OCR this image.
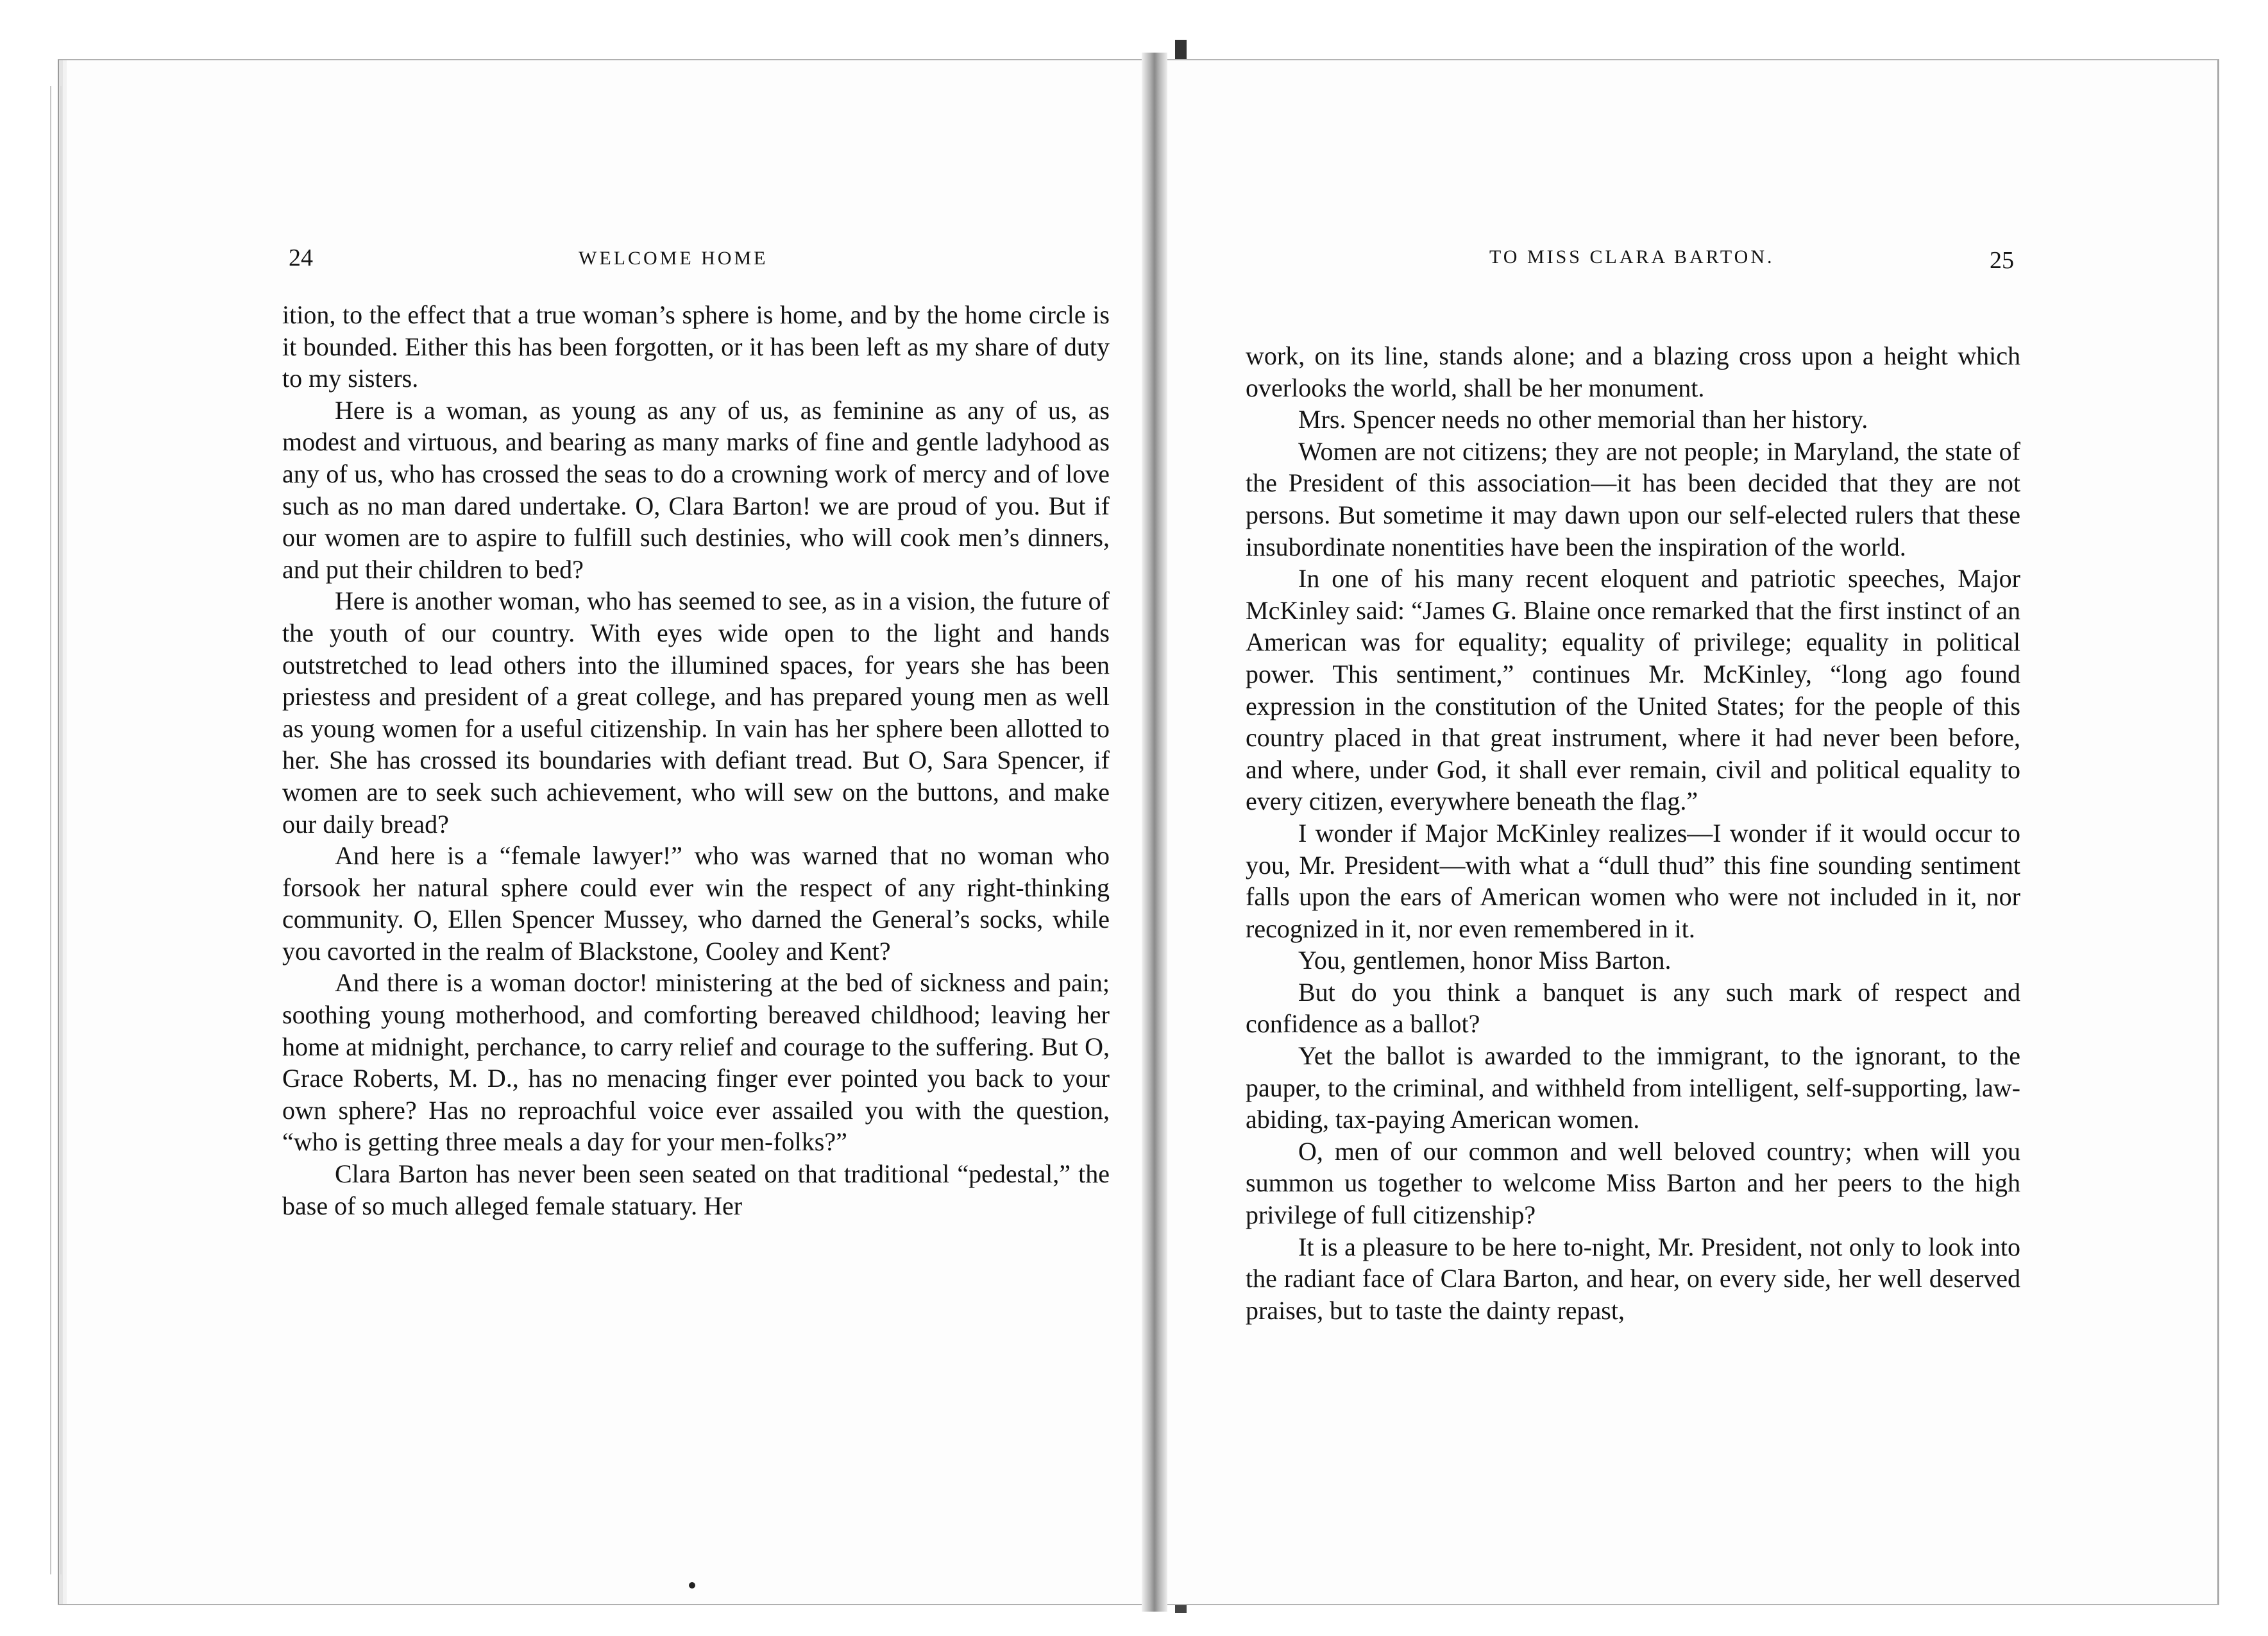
24	WELCOME HOME

ition, to the effect that a true woman’s sphere is home, and by the home circle is it bounded. Either this has been forgotten, or it has been left as my share of duty to my sisters.

Here is a woman, as young as any of us, as feminine as any of us, as modest and virtuous, and bearing as many marks of fine and gentle ladyhood as any of us, who has crossed the seas to do a crowning work of mercy and of love such as no man dared undertake. O, Clara Barton! we are proud of you. But if our women are to aspire to fulfill such destinies, who will cook men’s dinners, and put their children to bed?

Here is another woman, who has seemed to see, as in a vision, the future of the youth of our country. With eyes wide open to the light and hands outstretched to lead others into the illumined spaces, for years she has been priestess and president of a great college, and has prepared young men as well as young women for a useful citizenship. In vain has her sphere been allotted to her. She has crossed its boundaries with defiant tread. But O, Sara Spencer, if women are to seek such achievement, who will sew on the buttons, and make our daily bread?

And here is a “female lawyer!” who was warned that no woman who forsook her natural sphere could ever win the respect of any right-thinking community. O, Ellen Spencer Mussey, who darned the General’s socks, while you cavorted in the realm of Blackstone, Cooley and Kent?

And there is a woman doctor! ministering at the bed of sickness and pain; soothing young motherhood, and comforting bereaved childhood; leaving her home at midnight, perchance, to carry relief and courage to the suffering. But O, Grace Roberts, M. D., has no menacing finger ever pointed you back to your own sphere? Has no reproachful voice ever assailed you with the question, “who is getting three meals a day for your men-folks?”

Clara Barton has never been seen seated on that traditional “pedestal,” the base of so much alleged female statuary. Her

TO MISS CLARA BARTON.	25

work, on its line, stands alone; and a blazing cross upon a height which overlooks the world, shall be her monument.

Mrs. Spencer needs no other memorial than her history.

Women are not citizens; they are not people; in Maryland, the state of the President of this association—it has been decided that they are not persons. But sometime it may dawn upon our self-elected rulers that these insubordinate nonentities have been the inspiration of the world.

In one of his many recent eloquent and patriotic speeches, Major McKinley said: “James G. Blaine once remarked that the first instinct of an American was for equality; equality of privilege; equality in political power. This sentiment,” continues Mr. McKinley, “long ago found expression in the constitution of the United States; for the people of this country placed in that great instrument, where it had never been before, and where, under God, it shall ever remain, civil and political equality to every citizen, everywhere beneath the flag.”

I wonder if Major McKinley realizes—I wonder if it would occur to you, Mr. President—with what a “dull thud” this fine sounding sentiment falls upon the ears of American women who were not included in it, nor recognized in it, nor even remembered in it.

You, gentlemen, honor Miss Barton.

But do you think a banquet is any such mark of respect and confidence as a ballot?

Yet the ballot is awarded to the immigrant, to the ignorant, to the pauper, to the criminal, and withheld from intelligent, self-supporting, law-abiding, tax-paying American women.

O, men of our common and well beloved country; when will you summon us together to welcome Miss Barton and her peers to the high privilege of full citizenship?

It is a pleasure to be here to-night, Mr. President, not only to look into the radiant face of Clara Barton, and hear, on every side, her well deserved praises, but to taste the dainty repast,
